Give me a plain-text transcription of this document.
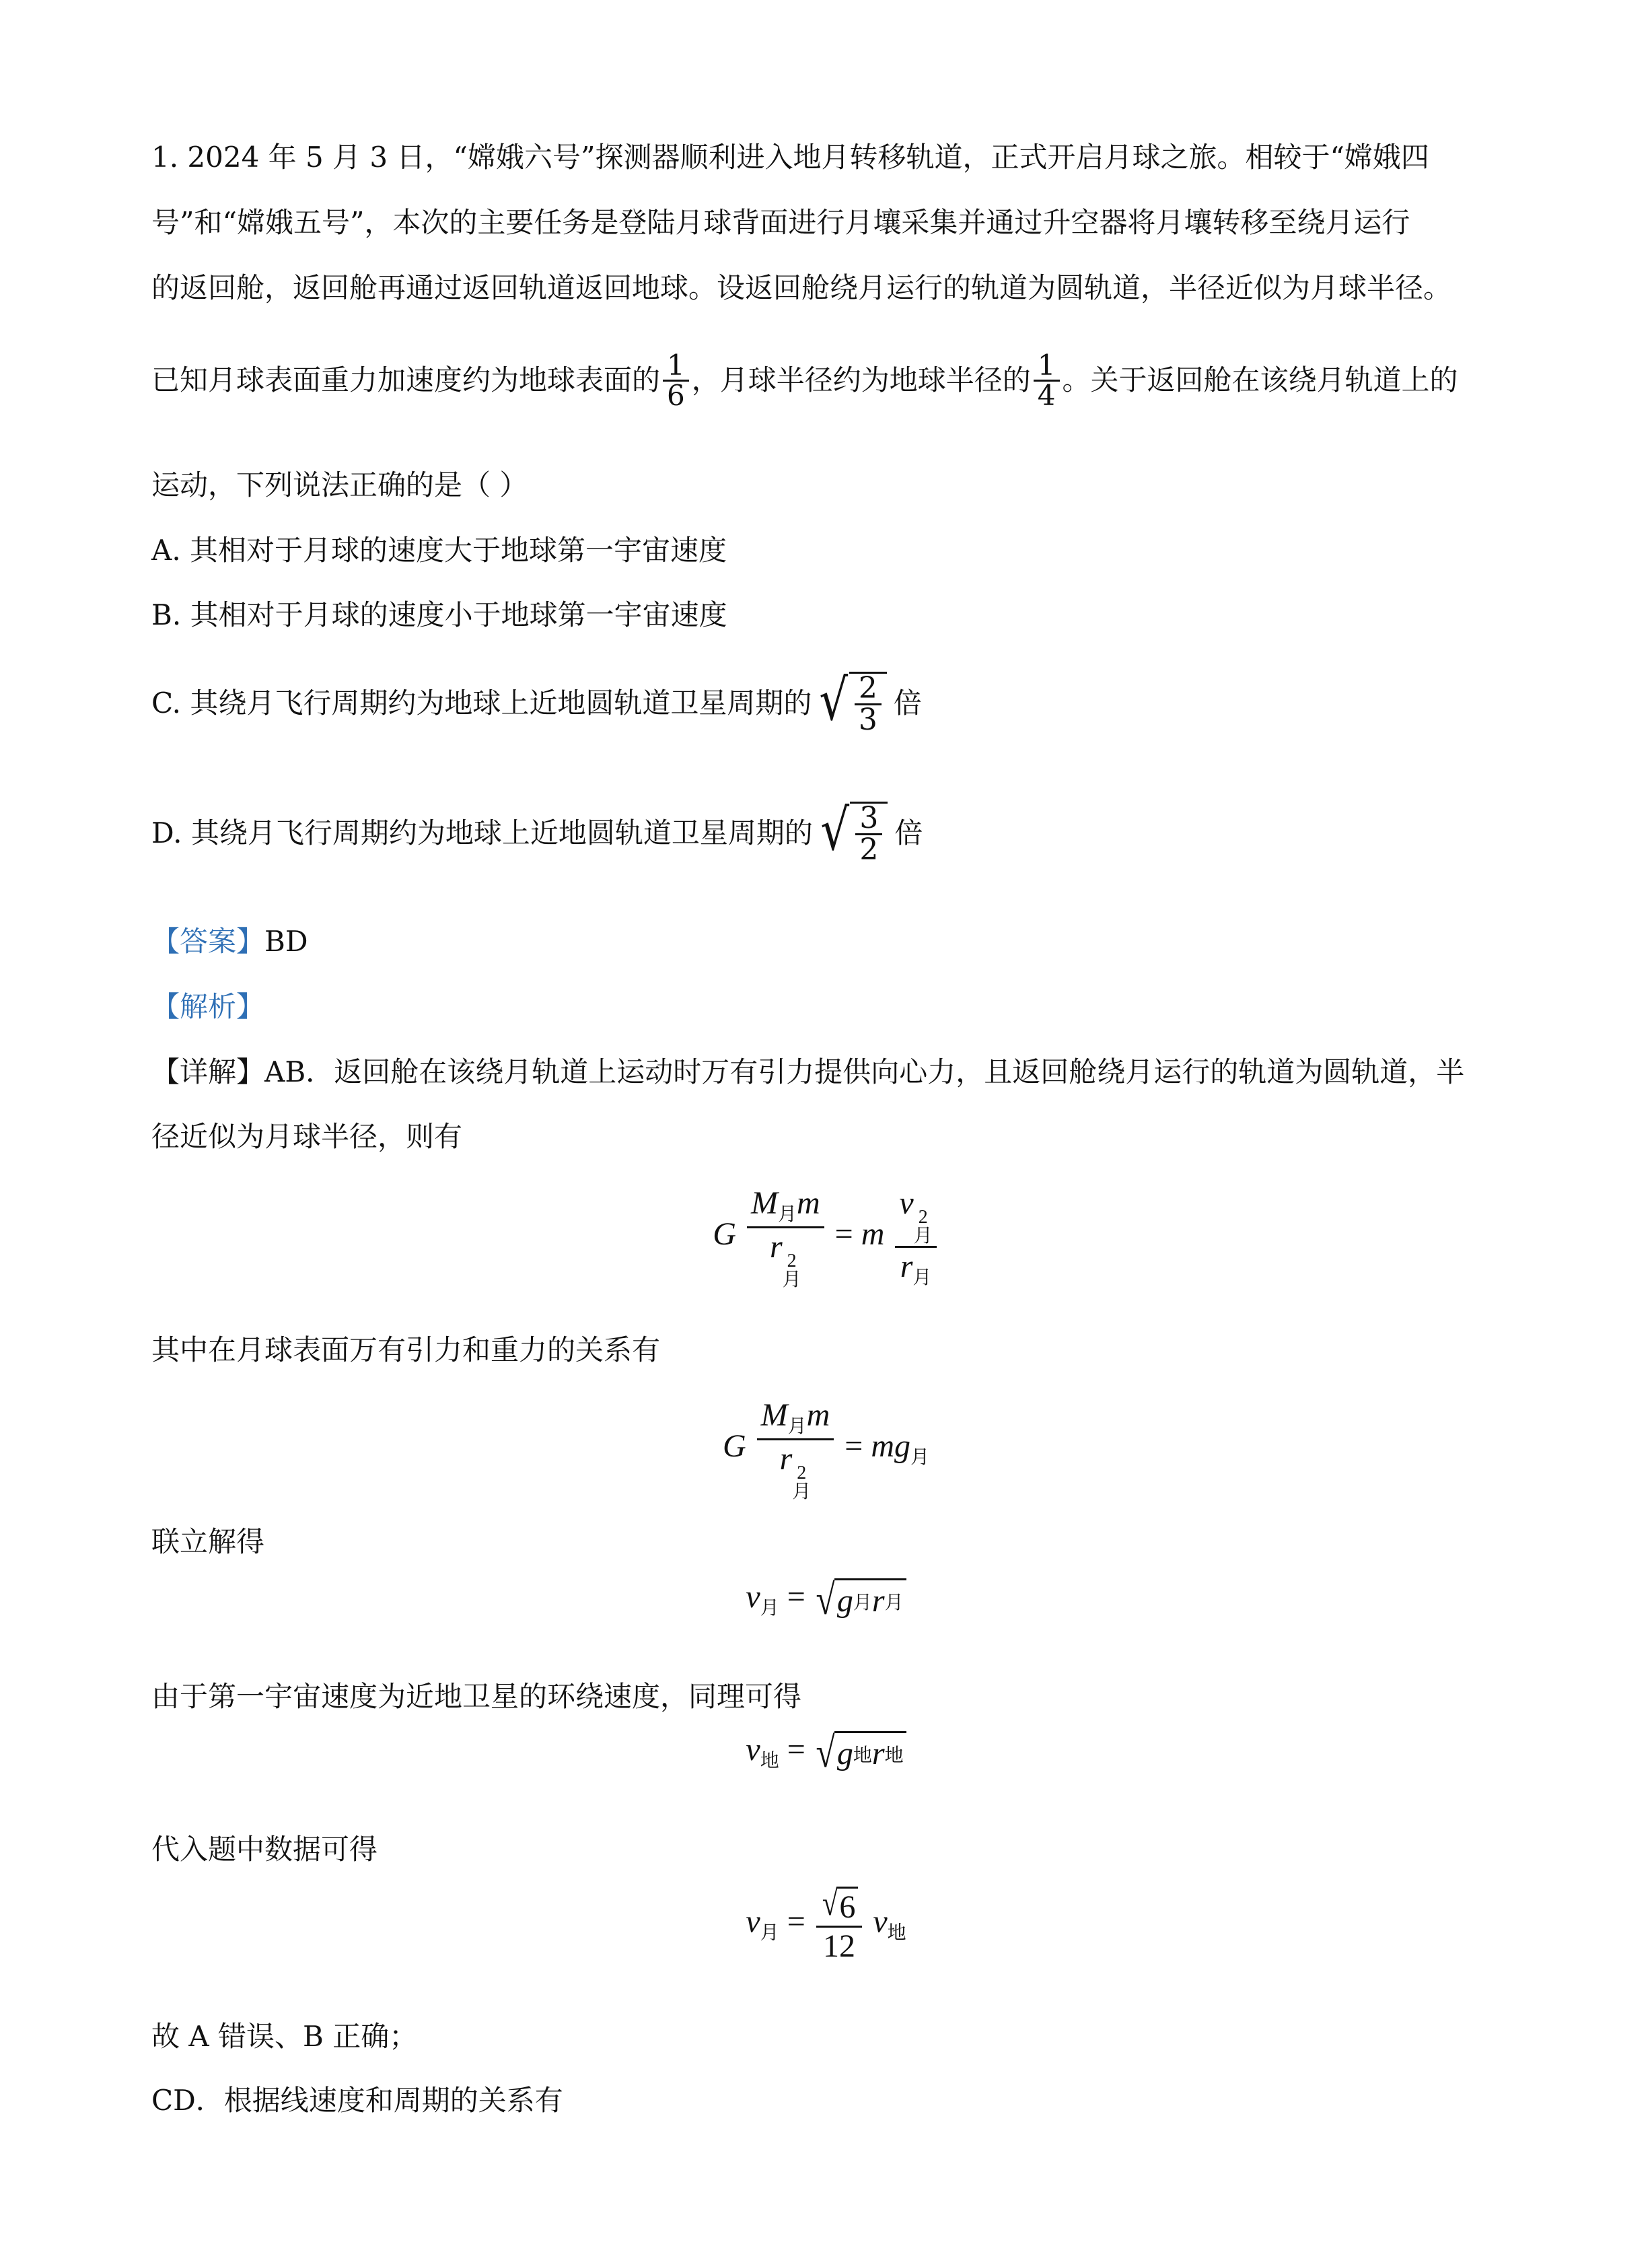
1. 2024 年 5 月 3 日，“嫦娥六号”探测器顺利进入地月转移轨道，正式开启月球之旅。相较于“嫦娥四
号”和“嫦娥五号”，本次的主要任务是登陆月球背面进行月壤采集并通过升空器将月壤转移至绕月运行
的返回舱，返回舱再通过返回轨道返回地球。设返回舱绕月运行的轨道为圆轨道，半径近似为月球半径。
已知月球表面重力加速度约为地球表面的 $\frac{1}{6}$ ，月球半径约为地球半径的 $\frac{1}{4}$ 。关于返回舱在该绕月轨道上的
运动，下列说法正确的是（ ）
A. 其相对于月球的速度大于地球第一宇宙速度
B. 其相对于月球的速度小于地球第一宇宙速度
C. 其绕月飞行周期约为地球上近地圆轨道卫星周期的 √ $\frac{2}{3}$ 倍
D. 其绕月飞行周期约为地球上近地圆轨道卫星周期的 √ $\frac{3}{2}$ 倍
【答案】BD
【解析】
【详解】AB．返回舱在该绕月轨道上运动时万有引力提供向心力，且返回舱绕月运行的轨道为圆轨道，半
径近似为月球半径，则有
G $M_月m$
r 2
月 = m v 2
月
$r_月$
其中在月球表面万有引力和重力的关系有
G $M_月m$
r 2
月 = $mg_月$
联立解得
$v_月$ = √ g 月 r 月
由于第一宇宙速度为近地卫星的环绕速度，同理可得
$v_地$ = √ g 地 r 地
代入题中数据可得
$v_月 = \frac{√ 6}{12} v_地$
故 A 错误、B 正确；
CD．根据线速度和周期的关系有
